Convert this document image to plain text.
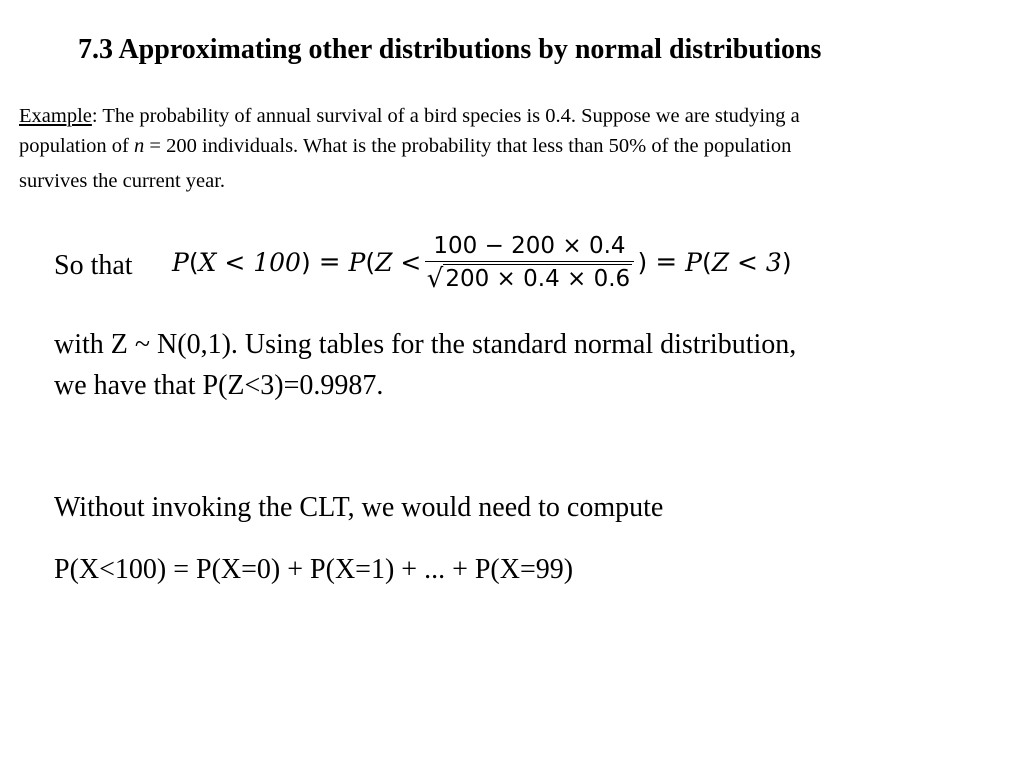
7.3 Approximating other distributions by normal distributions
Example: The probability of annual survival of a bird species is 0.4. Suppose we are studying a
population of n = 200 individuals. What is the probability that less than 50% of the population
survives the current year.
So that P ( X < 100 ) = P ( $Z < \frac{100 - 200 \times 0.4}{√ 200 \times 0.4 \times 0.6}$ ) = P ( Z < 3 )
with Z ~ N(0,1). Using tables for the standard normal distribution,
we have that P(Z<3)=0.9987.
Without invoking the CLT, we would need to compute
P(X<100) = P(X=0) + P(X=1) + ... + P(X=99)
